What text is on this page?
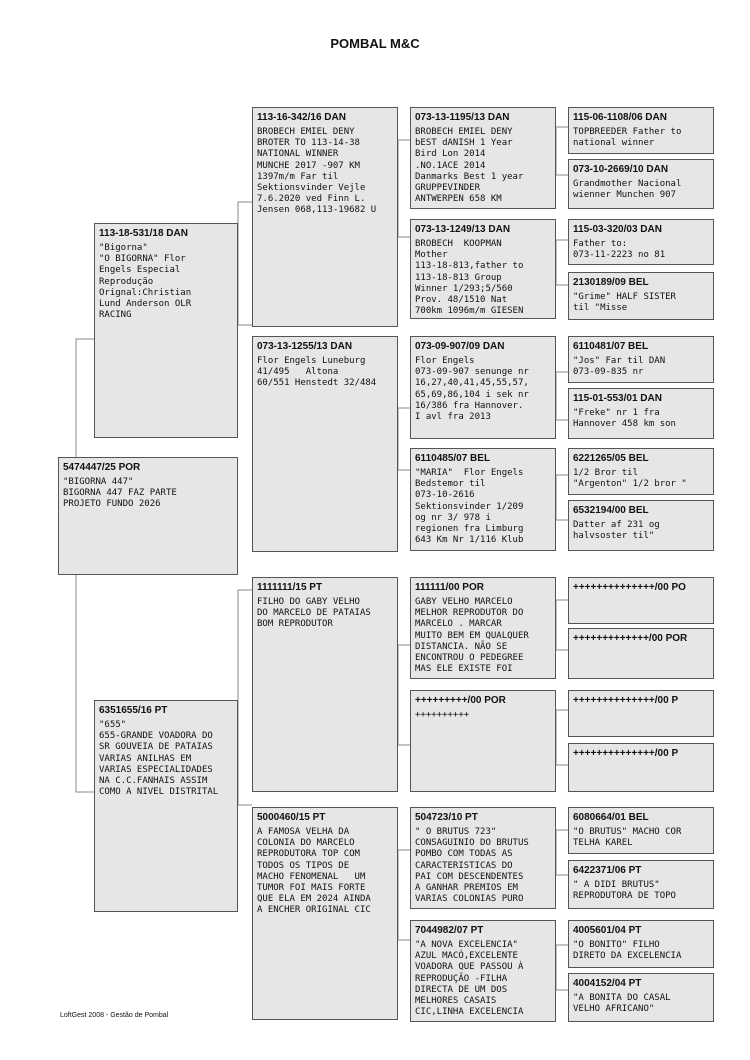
POMBAL M&C
5474447/25 POR
"BIGORNA 447"
BIGORNA 447 FAZ PARTE
PROJETO FUNDO 2026
113-18-531/18 DAN
"Bigorna"
"O BIGORNA" Flor
Engels Especial
Reprodução
Orignal:Christian
Lund Anderson OLR
RACING
6351655/16 PT
"655"
655-GRANDE VOADORA DO
SR GOUVEIA DE PATAIAS
VARIAS ANILHAS EM
VARIAS ESPECIALIDADES
NA C.C.FANHAIS ASSIM
COMO A NIVEL DISTRITAL
113-16-342/16 DAN
BROBECH EMIEL DENY
BROTER TO 113-14-38
NATIONAL WINNER
MUNCHE 2017 -907 KM
1397m/m Far til
Sektionsvinder Vejle
7.6.2020 ved Finn L.
Jensen 068,113-19682 U
073-13-1255/13 DAN
Flor Engels Luneburg
41/495   Altona
60/551 Henstedt 32/484
1111111/15 PT
FILHO DO GABY VELHO
DO MARCELO DE PATAIAS
BOM REPRODUTOR
5000460/15 PT
A FAMOSA VELHA DA
COLONIA DO MARCELO
REPRODUTORA TOP COM
TODOS OS TIPOS DE
MACHO FENOMENAL   UM
TUMOR FOI MAIS FORTE
QUE ELA EM 2024 AINDA
A ENCHER ORIGINAL CIC
073-13-1195/13 DAN
BROBECH EMIEL DENY
bEST dANISH 1 Year
Bird Lon 2014
.NO.1ACE 2014
Danmarks Best 1 year
GRUPPEVINDER
ANTWERPEN 658 KM
073-13-1249/13 DAN
BROBECH  KOOPMAN
Mother
113-18-813,father to
113-18-813 Group
Winner 1/293;5/560
Prov. 48/1510 Nat
700km 1096m/m GIESEN
073-09-907/09 DAN
Flor Engels
073-09-907 senunge nr
16,27,40,41,45,55,57,
65,69,86,104 i sek nr
16/386 fra Hannover.
I avl fra 2013
6110485/07 BEL
"MARIA"  Flor Engels
Bedstemor til
073-10-2616
Sektionsvinder 1/209
og nr 3/ 978 i
regionen fra Limburg
643 Km Nr 1/116 Klub
111111/00 POR
GABY VELHO MARCELO
MELHOR REPRODUTOR DO
MARCELO . MARCAR
MUITO BEM EM QUALQUER
DISTANCIA. NÃO SE
ENCONTROU O PEDEGREE
MAS ELE EXISTE FOI
+++++++++/00 POR
++++++++++
504723/10 PT
" O BRUTUS 723"
CONSAGUINIO DO BRUTUS
POMBO COM TODAS AS
CARACTERISTICAS DO
PAI COM DESCENDENTES
A GANHAR PREMIOS EM
VARIAS COLONIAS PURO
7044982/07 PT
"A NOVA EXCELENCIA"
AZUL MACÓ,EXCELENTE
VOADORA QUE PASSOU À
REPRODUÇÃO -FILHA
DIRECTA DE UM DOS
MELHORES CASAIS
CIC,LINHA EXCELENCIA
115-06-1108/06 DAN
TOPBREEDER Father to
national winner
073-10-2669/10 DAN
Grandmother Nacional
wienner Munchen 907
115-03-320/03 DAN
Father to:
073-11-2223 no 81
2130189/09 BEL
"Grime" HALF SISTER
til "Misse
6110481/07 BEL
"Jos" Far til DAN
073-09-835 nr
115-01-553/01 DAN
"Freke" nr 1 fra
Hannover 458 km son
6221265/05 BEL
1/2 Bror til
"Argenton" 1/2 bror "
6532194/00 BEL
Datter af 231 og
halvsoster til"
++++++++++++++/00 PO
+++++++++++++/00 POR
++++++++++++++/00 P
++++++++++++++/00 P
6080664/01 BEL
"O BRUTUS" MACHO COR
TELHA KAREL
6422371/06 PT
" A DIDI BRUTUS"
REPRODUTORA DE TOPO
4005601/04 PT
"O BONITO" FILHO
DIRETO DA EXCELENCIA
4004152/04 PT
"A BONITA DO CASAL
VELHO AFRICANO"
LoftGest 2008 - Gestão de Pombal
